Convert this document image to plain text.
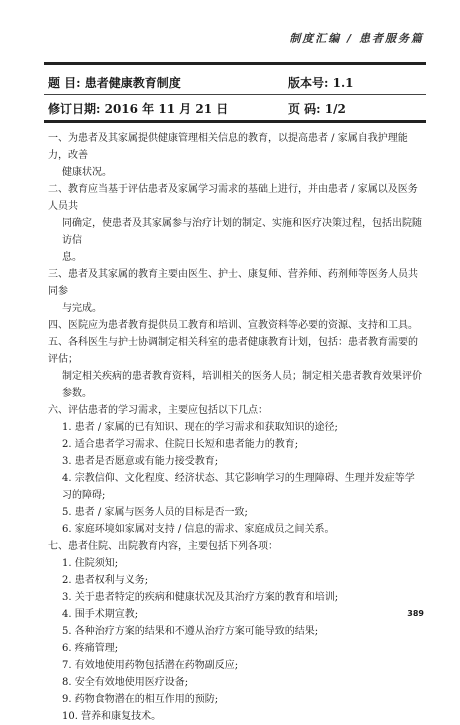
制度汇编 / 患者服务篇
题 目: 患者健康教育制度	版本号: 1.1
修订日期: 2016 年 11 月 21 日	页 码: 1/2
一、为患者及其家属提供健康管理相关信息的教育，以提高患者 / 家属自我护理能力，改善
健康状况。
二、教育应当基于评估患者及家属学习需求的基础上进行，并由患者 / 家属以及医务人员共
同确定，使患者及其家属参与治疗计划的制定、实施和医疗决策过程，包括出院随访信
息。
三、患者及其家属的教育主要由医生、护士、康复师、营养师、药剂师等医务人员共同参
与完成。
四、医院应为患者教育提供员工教育和培训、宣教资料等必要的资源、支持和工具。
五、各科医生与护士协调制定相关科室的患者健康教育计划，包括：患者教育需要的评估；
制定相关疾病的患者教育资料，培训相关的医务人员；制定相关患者教育效果评价参数。
六、评估患者的学习需求，主要应包括以下几点：
1. 患者 / 家属的已有知识、现在的学习需求和获取知识的途径;
2. 适合患者学习需求、住院日长短和患者能力的教育;
3. 患者是否愿意或有能力接受教育;
4. 宗教信仰、文化程度、经济状态、其它影响学习的生理障碍、生理并发症等学习的障碍;
5. 患者 / 家属与医务人员的目标是否一致;
6. 家庭环境如家属对支持 / 信息的需求、家庭成员之间关系。
七、患者住院、出院教育内容，主要包括下列各项：
1. 住院须知;
2. 患者权利与义务;
3. 关于患者特定的疾病和健康状况及其治疗方案的教育和培训;
4. 围手术期宣教;
5. 各种治疗方案的结果和不遵从治疗方案可能导致的结果;
6. 疼痛管理;
7. 有效地使用药物包括潜在药物副反应;
8. 安全有效地使用医疗设备;
9. 药物食物潜在的相互作用的预防;
10. 营养和康复技术。
389
